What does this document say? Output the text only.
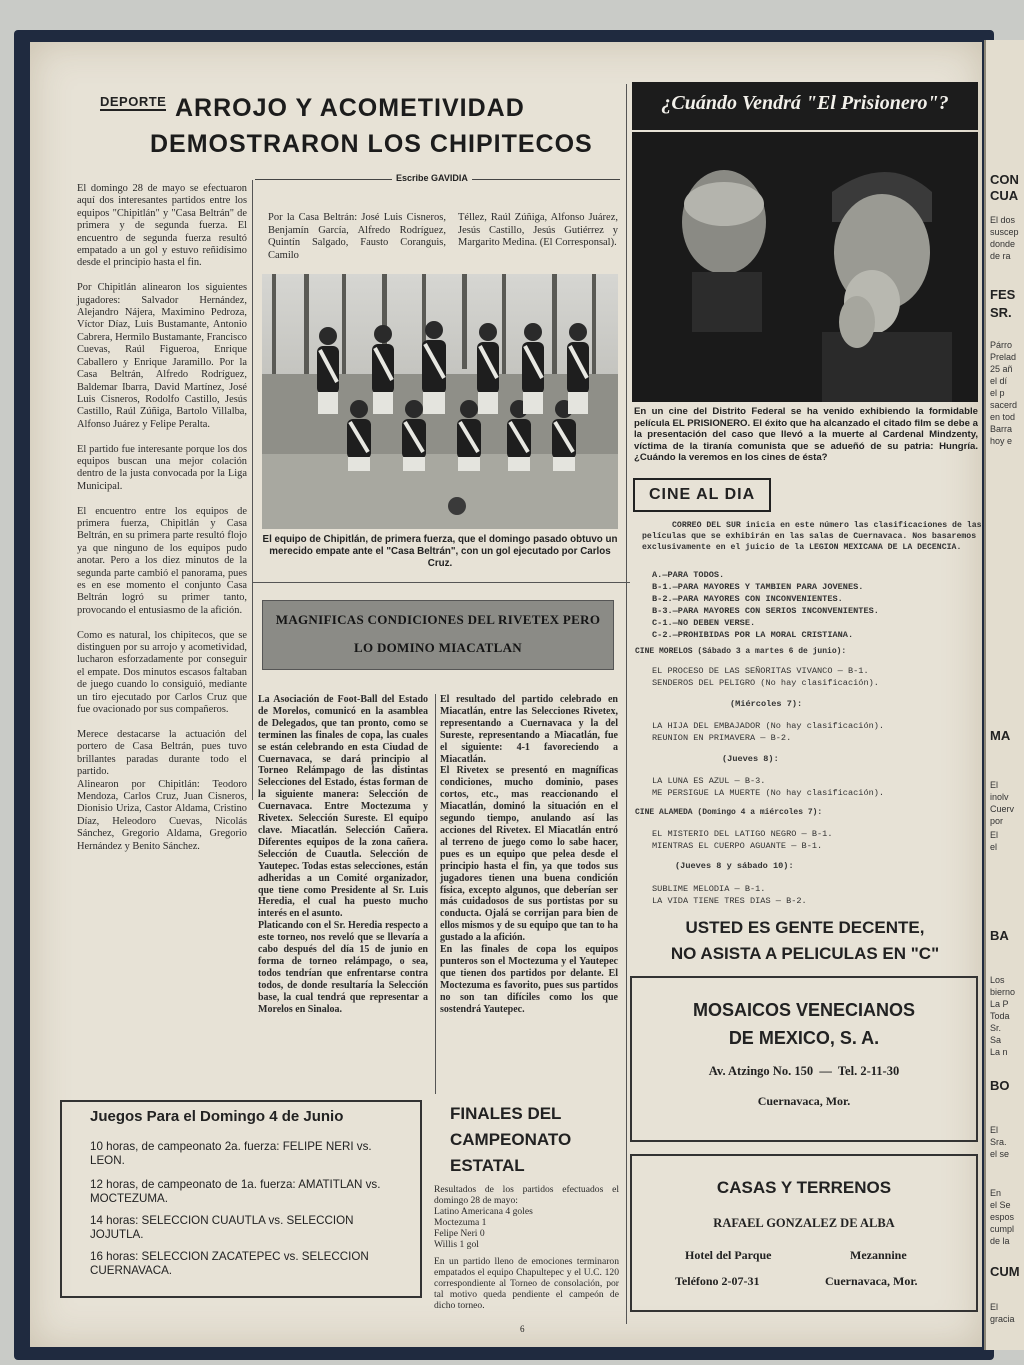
DEPORTE ARROJO Y ACOMETIVIDAD
DEMOSTRARON LOS CHIPITECOS
Escribe GAVIDIA
El domingo 28 de mayo se efectuaron aquí dos interesantes partidos entre los equipos "Chipitlán" y "Casa Beltrán" de primera y de segunda fuerza. El encuentro de segunda fuerza resultó empatado a un gol y estuvo reñidísimo desde el principio hasta el fin.

Por Chipitlán alinearon los siguientes jugadores: Salvador Hernández, Alejandro Nájera, Maximino Pedroza, Víctor Díaz, Luis Bustamante, Antonio Cabrera, Hermilo Bustamante, Francisco Cuevas, Raúl Figueroa, Enrique Caballero y Enrique Jaramillo. Por la Casa Beltrán, Alfredo Rodríguez, Baldemar Ibarra, David Martínez, José Luis Cisneros, Rodolfo Castillo, Jesús Castillo, Raúl Zúñiga, Bartolo Villalba, Alfonso Juárez y Felipe Peralta.

El partido fue interesante porque los dos equipos buscan una mejor colación dentro de la justa convocada por la Liga Municipal.

El encuentro entre los equipos de primera fuerza, Chipitlán y Casa Beltrán, en su primera parte resultó flojo ya que ninguno de los equipos pudo anotar. Pero a los diez minutos de la segunda parte cambió el panorama, pues es en ese momento el conjunto Casa Beltrán logró su primer tanto, provocando el entusiasmo de la afición.

Como es natural, los chipitecos, que se distinguen por su arrojo y acometividad, lucharon esforzadamente por conseguir el empate. Dos minutos escasos faltaban de juego cuando lo consiguió, mediante un tiro ejecutado por Carlos Cruz que fue ovacionado por sus compañeros.

Merece destacarse la actuación del portero de Casa Beltrán, pues tuvo brillantes paradas durante todo el partido.
Alinearon por Chipitlán: Teodoro Mendoza, Carlos Cruz, Juan Cisneros, Dionisio Uriza, Castor Aldama, Cristino Díaz, Heleodoro Cuevas, Nicolás Sánchez, Gregorio Aldama, Gregorio Hernández y Benito Sánchez.
Por la Casa Beltrán: José Luis Cisneros, Benjamín García, Alfredo Rodríguez, Quintín Salgado, Fausto Coranguis, Camilo
Téllez, Raúl Zúñiga, Alfonso Juárez, Jesús Castillo, Jesús Gutiérrez y Margarito Medina. (El Corresponsal).
El equipo de Chipitlán, de primera fuerza, que el domingo pasado obtuvo un merecido empate ante el "Casa Beltrán", con un gol ejecutado por Carlos Cruz.
MAGNIFICAS CONDICIONES DEL RIVETEX PERO
LO DOMINO MIACATLAN
La Asociación de Foot-Ball del Estado de Morelos, comunicó en la asamblea de Delegados, que tan pronto, como se terminen las finales de copa, las cuales se están celebrando en esta Ciudad de Cuernavaca, se dará principio al Torneo Relámpago de las distintas Selecciones del Estado, éstas forman de la siguiente manera: Selección de Cuernavaca. Entre Moctezuma y Rivetex. Selección Sureste. El equipo clave. Miacatlán. Selección Cañera. Diferentes equipos de la zona cañera. Selección de Cuautla. Selección de Yautepec. Todas estas selecciones, están adheridas a un Comité organizador, que tiene como Presidente al Sr. Luis Heredia, el cual ha puesto mucho interés en el asunto.
Platicando con el Sr. Heredia respecto a este torneo, nos reveló que se llevaría a cabo después del día 15 de junio en forma de torneo relámpago, o sea, todos tendrían que enfrentarse contra todos, de donde resultaría la Selección base, la cual tendrá que representar a Morelos en Sinaloa.
El resultado del partido celebrado en Miacatlán, entre las Selecciones Rivetex, representando a Cuernavaca y la del Sureste, representando a Miacatlán, fue el siguiente: 4-1 favoreciendo a Miacatlán.
El Rivetex se presentó en magníficas condiciones, mucho dominio, pases cortos, etc., mas reaccionando el Miacatlán, dominó la situación en el segundo tiempo, anulando así las acciones del Rivetex. El Miacatlán entró al terreno de juego como lo sabe hacer, pues es un equipo que pelea desde el principio hasta el fin, ya que todos sus jugadores tienen una buena condición física, excepto algunos, que deberían ser más cuidadosos de sus portistas por su conducta. Ojalá se corrijan para bien de ellos mismos y de su equipo que tan to ha gustado a la afición.
En las finales de copa los equipos punteros son el Moctezuma y el Yautepec que tienen dos partidos por delante. El Moctezuma es favorito, pues sus partidos no son tan difíciles como los que sostendrá Yautepec.
Juegos Para el Domingo 4 de Junio
10 horas, de campeonato 2a. fuerza: FELIPE NERI vs. LEON.
12 horas, de campeonato de 1a. fuerza: AMATITLAN vs. MOCTEZUMA.
14 horas: SELECCION CUAUTLA vs. SELECCION JOJUTLA.
16 horas: SELECCION ZACATEPEC vs. SELECCION CUERNAVACA.
FINALES DEL
CAMPEONATO
ESTATAL
Resultados de los partidos efectuados el domingo 28 de mayo:
Latino Americana 4 goles
Moctezuma 1
Felipe Neri 0
Willis 1 gol
En un partido lleno de emociones terminaron empatados el equipo Chapultepec y el U.C. 120 correspondiente al Torneo de consolación, por tal motivo queda pendiente el campeón de dicho torneo.
6
¿Cuándo Vendrá "El Prisionero"?
En un cine del Distrito Federal se ha venido exhibiendo la formidable película EL PRISIONERO. El éxito que ha alcanzado el citado film se debe a la presentación del caso que llevó a la muerte al Cardenal Mindzenty, víctima de la tiranía comunista que se adueñó de su patria: Hungría. ¿Cuándo la veremos en los cines de ésta?
CINE AL DIA
CORREO DEL SUR inicia en este número las clasificaciones de las películas que se exhibirán en las salas de Cuernavaca. Nos basaremos exclusivamente en el juicio de la LEGION MEXICANA DE LA DECENCIA.
A.—PARA TODOS.
B-1.—PARA MAYORES Y TAMBIEN PARA JOVENES.
B-2.—PARA MAYORES CON INCONVENIENTES.
B-3.—PARA MAYORES CON SERIOS INCONVENIENTES.
C-1.—NO DEBEN VERSE.
C-2.—PROHIBIDAS POR LA MORAL CRISTIANA.
CINE MORELOS (Sábado 3 a martes 6 de junio):
EL PROCESO DE LAS SEÑORITAS VIVANCO — B-1.
SENDEROS DEL PELIGRO (No hay clasificación).
(Miércoles 7):
LA HIJA DEL EMBAJADOR (No hay clasificación).
REUNION EN PRIMAVERA — B-2.
(Jueves 8):
LA LUNA ES AZUL — B-3.
ME PERSIGUE LA MUERTE (No hay clasificación).
CINE ALAMEDA (Domingo 4 a miércoles 7):
EL MISTERIO DEL LATIGO NEGRO — B-1.
MIENTRAS EL CUERPO AGUANTE — B-1.
(Jueves 8 y sábado 10):
SUBLIME MELODIA — B-1.
LA VIDA TIENE TRES DIAS — B-2.
USTED ES GENTE DECENTE,
NO ASISTA A PELICULAS EN "C"
MOSAICOS VENECIANOS
DE MEXICO, S. A.
Av. Atzingo No. 150  —  Tel. 2-11-30
Cuernavaca, Mor.
CASAS Y TERRENOS
RAFAEL GONZALEZ DE ALBA
Hotel del Parque	Mezannine
Teléfono 2-07-31	Cuernavaca, Mor.
CON
CUA
El dos
suscep
donde
de ra
FES
SR.
Párro
Prelad
25 añ
el dí
el p
sacerd
en tod
Barra
hoy e
MA
El
inolv
Cuerv
por
El
el
BA
Los
bierno
La P
Toda
Sr.
Sa
La n
BO
El
Sra.
el se
En
el Se
espos
cumpl
de la
CUM
El
gracia
